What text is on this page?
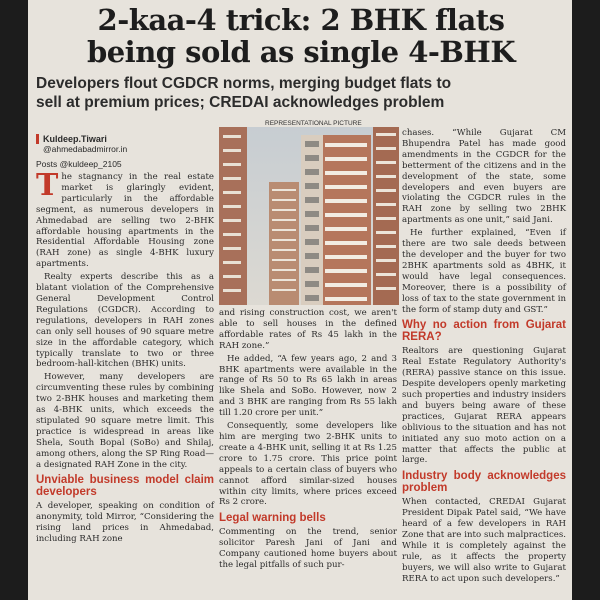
2-kaa-4 trick: 2 BHK flats
being sold as single 4-BHK
Developers flout CGDCR norms, merging budget flats to
sell at premium prices; CREDAI acknowledges problem
Kuldeep.Tiwari
@ahmedabadmirror.in
Posts @kuldeep_2105

The stagnancy in the real estate market is glaringly evident, particularly in the affordable segment, as numerous developers in Ahmedabad are selling two 2-BHK affordable housing apartments in the Residential Affordable Housing zone (RAH zone) as single 4-BHK luxury apartments.

Realty experts describe this as a blatant violation of the Comprehensive General Development Control Regulations (CGDCR). According to regulations, developers in RAH zones can only sell houses of 90 square metre size in the affordable category, which typically translate to two or three bedroom-hall-kitchen (BHK) units.

However, many developers are circumventing these rules by combining two 2-BHK houses and marketing them as 4-BHK units, which exceeds the stipulated 90 square metre limit. This practice is widespread in areas like Shela, South Bopal (SoBo) and Shilaj, among others, along the SP Ring Road—a designated RAH Zone in the city.

Unviable business model claim developers

A developer, speaking on condition of anonymity, told Mirror, “Considering the rising land prices in Ahmedabad, including RAH zone

REPRESENTATIONAL PICTURE

and rising construction cost, we aren't able to sell houses in the defined affordable rates of Rs 45 lakh in the RAH zone.”

He added, “A few years ago, 2 and 3 BHK apartments were available in the range of Rs 50 to Rs 65 lakh in areas like Shela and SoBo. However, now 2 and 3 BHK are ranging from Rs 55 lakh till 1.20 crore per unit.”

Consequently, some developers like him are merging two 2-BHK units to create a 4-BHK unit, selling it at Rs 1.25 crore to 1.75 crore. This price point appeals to a certain class of buyers who cannot afford similar-sized houses within city limits, where prices exceed Rs 2 crore.

Legal warning bells

Commenting on the trend, senior solicitor Paresh Jani of Jani and Company cautioned home buyers about the legal pitfalls of such pur-

chases. “While Gujarat CM Bhupendra Patel has made good amendments in the CGDCR for the betterment of the citizens and in the development of the state, some developers and even buyers are violating the CGDCR rules in the RAH zone by selling two 2BHK apartments as one unit,” said Jani.

He further explained, “Even if there are two sale deeds between the developer and the buyer for two 2BHK apartments sold as 4BHK, it would have legal consequences. Moreover, there is a possibility of loss of tax to the state government in the form of stamp duty and GST.”

Why no action from Gujarat RERA?

Realtors are questioning Gujarat Real Estate Regulatory Authority's (RERA) passive stance on this issue. Despite developers openly marketing such properties and industry insiders and buyers being aware of these practices, Gujarat RERA appears oblivious to the situation and has not initiated any suo moto action on a matter that affects the public at large.

Industry body acknowledges problem

When contacted, CREDAI Gujarat President Dipak Patel said, “We have heard of a few developers in RAH Zone that are into such malpractices. While it is completely against the rule, as it affects the property buyers, we will also write to Gujarat RERA to act upon such developers.”
